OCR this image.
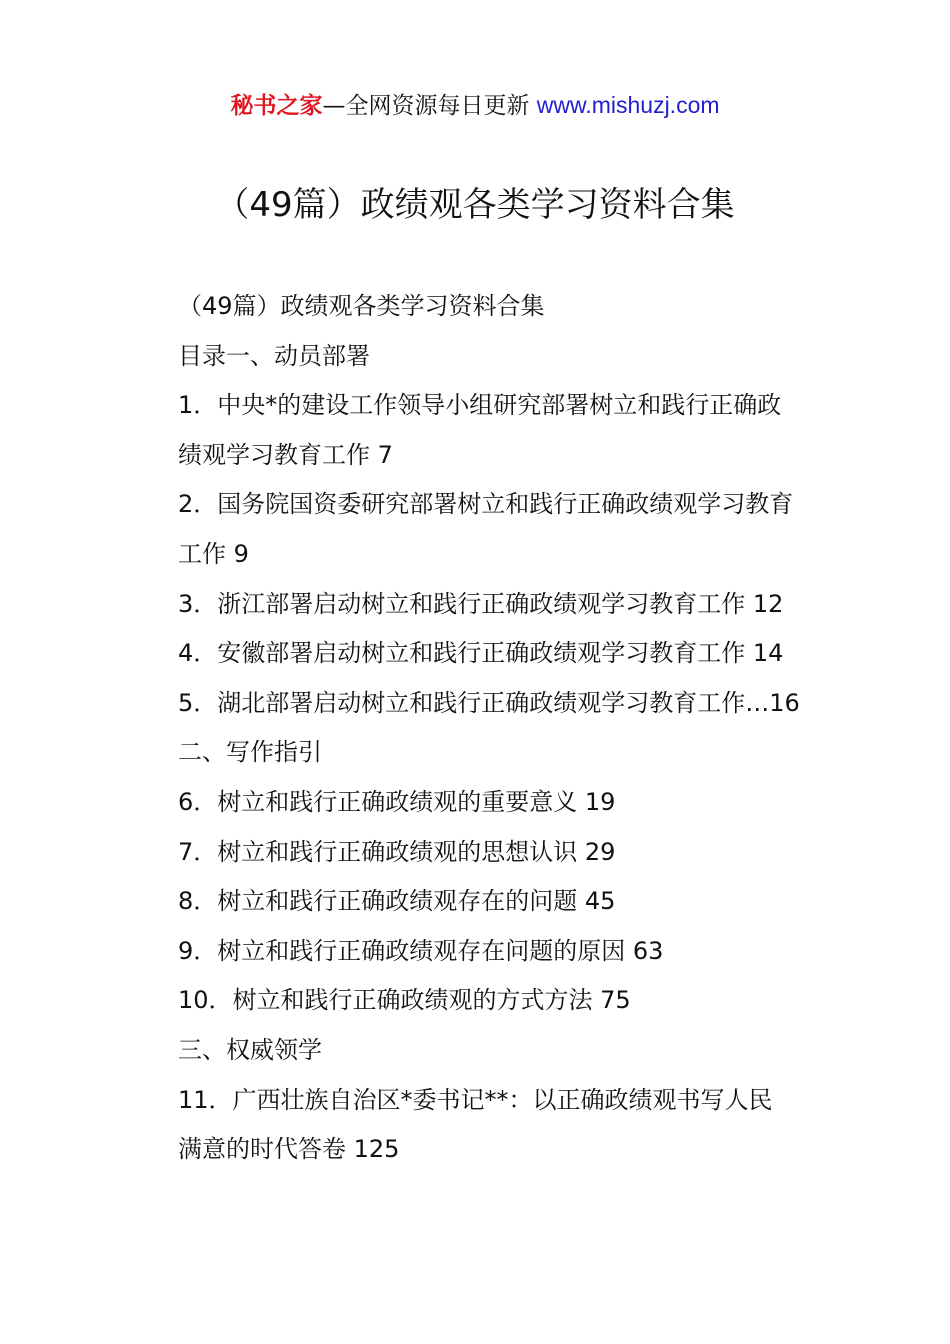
秘书之家—全网资源每日更新 www.mishuzj.com
（49篇）政绩观各类学习资料合集
（49篇）政绩观各类学习资料合集
目录一、动员部署
1．中央*的建设工作领导小组研究部署树立和践行正确政
绩观学习教育工作 7
2．国务院国资委研究部署树立和践行正确政绩观学习教育
工作 9
3．浙江部署启动树立和践行正确政绩观学习教育工作 12
4．安徽部署启动树立和践行正确政绩观学习教育工作 14
5．湖北部署启动树立和践行正确政绩观学习教育工作…16
二、写作指引
6．树立和践行正确政绩观的重要意义 19
7．树立和践行正确政绩观的思想认识 29
8．树立和践行正确政绩观存在的问题 45
9．树立和践行正确政绩观存在问题的原因 63
10．树立和践行正确政绩观的方式方法 75
三、权威领学
11．广西壮族自治区*委书记**：以正确政绩观书写人民
满意的时代答卷 125
